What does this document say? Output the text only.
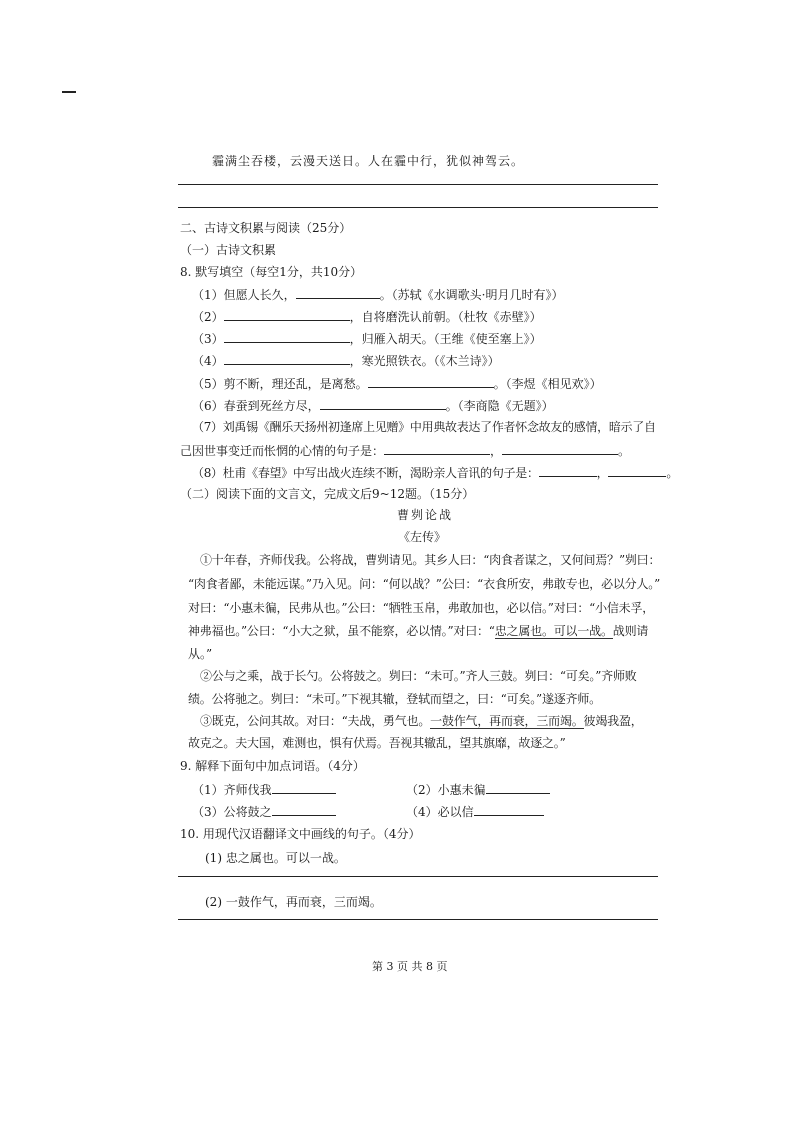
霾满尘吞楼，云漫天送日。人在霾中行，犹似神驾云。
二、古诗文积累与阅读（25分）
（一）古诗文积累
8. 默写填空（每空1分，共10分）
（1）但愿人长久，	。（苏轼《水调歌头·明月几时有》）
（2）	，自将磨洗认前朝。（杜牧《赤壁》）
（3）	，归雁入胡天。（王维《使至塞上》）
（4）	，寒光照铁衣。（《木兰诗》）
（5）剪不断，理还乱，是离愁。	。（李煜《相见欢》）
（6）春蚕到死丝方尽，	。（李商隐《无题》）
（7）刘禹锡《酬乐天扬州初逢席上见赠》中用典故表达了作者怀念故友的感情，暗示了自
己因世事变迁而怅惘的心情的句子是：	，	。
（8）杜甫《春望》中写出战火连续不断，渴盼亲人音讯的句子是：	，	。
（二）阅读下面的文言文，完成文后9~12题。（15分）
曹刿论战
《左传》
①十年春，齐师伐我。公将战，曹刿请见。其乡人曰：“肉食者谋之，又何间焉？”刿曰：
“肉食者鄙，未能远谋。”乃入见。问：“何以战？”公曰：“衣食所安，弗敢专也，必以分人。”
对曰：“小惠未徧，民弗从也。”公曰：“牺牲玉帛，弗敢加也，必以信。”对曰：“小信未孚，
神弗福也。”公曰：“小大之狱，虽不能察，必以情。”对曰：“忠之属也。可以一战。战则请
从。”
②公与之乘，战于长勺。公将鼓之。刿曰：“未可。”齐人三鼓。刿曰：“可矣。”齐师败
绩。公将驰之。刿曰：“未可。”下视其辙，登轼而望之，曰：“可矣。”遂逐齐师。
③既克，公问其故。对曰：“夫战，勇气也。一鼓作气，再而衰，三而竭。彼竭我盈，
故克之。夫大国，难测也，惧有伏焉。吾视其辙乱，望其旗靡，故逐之。”
9. 解释下面句中加点词语。（4分）
（1）齐师伐我	（2）小惠未徧
（3）公将鼓之	（4）必以信
10. 用现代汉语翻译文中画线的句子。（4分）
(1) 忠之属也。可以一战。
(2) 一鼓作气，再而衰，三而竭。
第 3 页 共 8 页
